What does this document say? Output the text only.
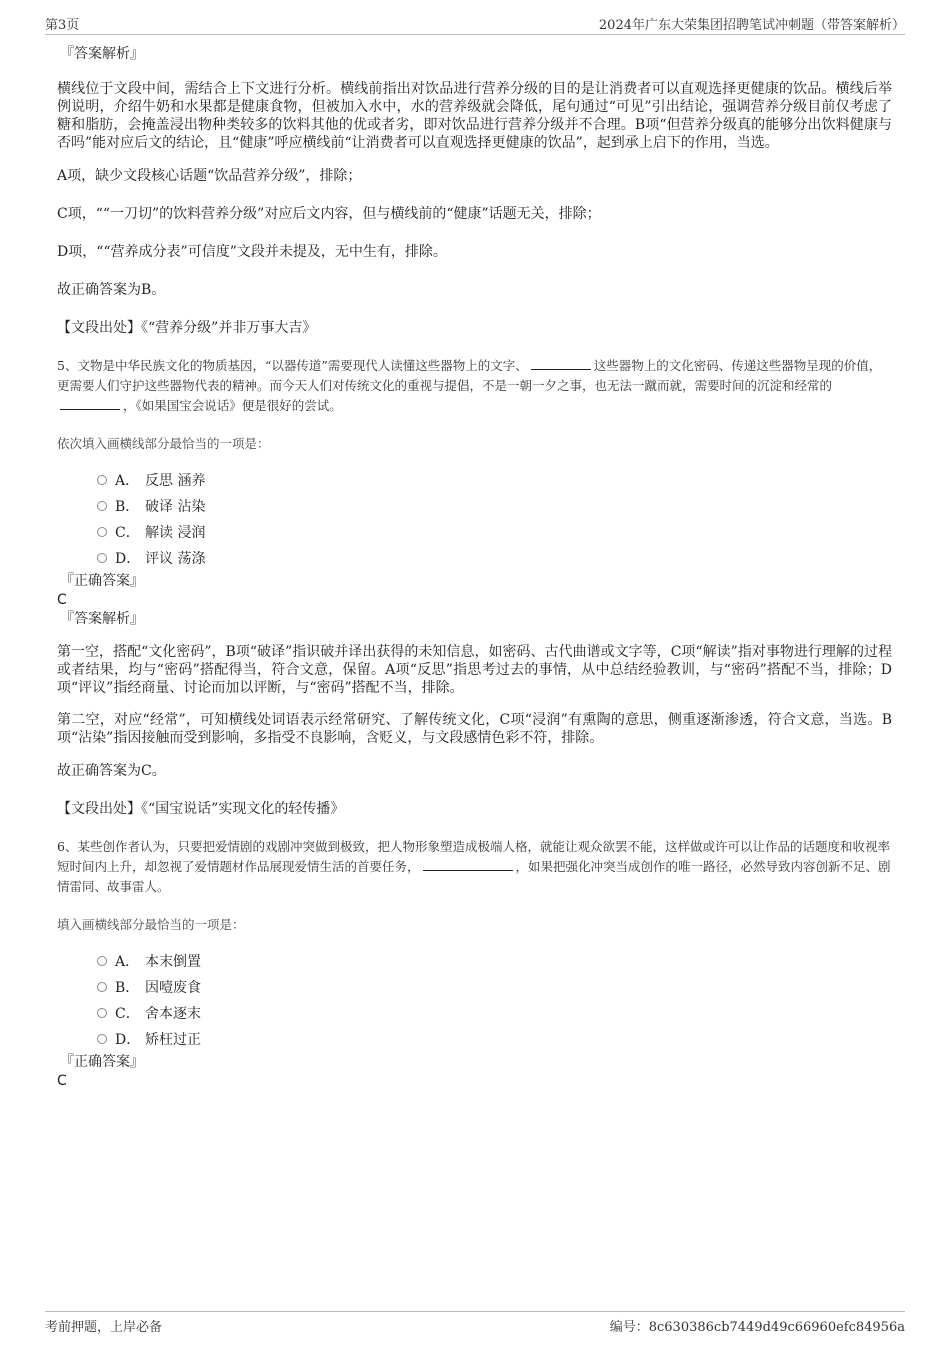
第3页	2024年广东大荣集团招聘笔试冲刺题（带答案解析）
『答案解析』
横线位于文段中间，需结合上下文进行分析。横线前指出对饮品进行营养分级的目的是让消费者可以直观选择更健康的饮品。横线后举例说明，介绍牛奶和水果都是健康食物，但被加入水中，水的营养级就会降低，尾句通过“可见”引出结论，强调营养分级目前仅考虑了糖和脂肪，会掩盖浸出物种类较多的饮料其他的优或者劣，即对饮品进行营养分级并不合理。B项“但营养分级真的能够分出饮料健康与否吗”能对应后文的结论，且“健康”呼应横线前“让消费者可以直观选择更健康的饮品”，起到承上启下的作用，当选。
A项，缺少文段核心话题“饮品营养分级”，排除；
C项，““一刀切”的饮料营养分级”对应后文内容，但与横线前的“健康”话题无关，排除；
D项，““营养成分表”可信度”文段并未提及，无中生有，排除。
故正确答案为B。
【文段出处】《“营养分级”并非万事大吉》
5、文物是中华民族文化的物质基因，“以器传道”需要现代人读懂这些器物上的文字、	这些器物上的文化密码、传递这些器物呈现的价值，更需要人们守护这些器物代表的精神。而今天人们对传统文化的重视与提倡，不是一朝一夕之事，也无法一蹴而就，需要时间的沉淀和经常的，《如果国宝会说话》便是很好的尝试。
依次填入画横线部分最恰当的一项是：
A． 反思 涵养
B． 破译 沾染
C． 解读 浸润
D． 评议 荡涤
『正确答案』
C
『答案解析』
第一空，搭配“文化密码”，B项“破译”指识破并译出获得的未知信息，如密码、古代曲谱或文字等，C项“解读”指对事物进行理解的过程或者结果，均与“密码”搭配得当，符合文意，保留。A项“反思”指思考过去的事情，从中总结经验教训，与“密码”搭配不当，排除；D项“评议”指经商量、讨论而加以评断，与“密码”搭配不当，排除。
第二空，对应“经常”，可知横线处词语表示经常研究、了解传统文化，C项“浸润”有熏陶的意思，侧重逐渐渗透，符合文意，当选。B项“沾染”指因接触而受到影响，多指受不良影响，含贬义，与文段感情色彩不符，排除。
故正确答案为C。
【文段出处】《“国宝说话”实现文化的轻传播》
6、某些创作者认为，只要把爱情剧的戏剧冲突做到极致，把人物形象塑造成极端人格，就能让观众欲罢不能，这样做或许可以让作品的话题度和收视率短时间内上升，却忽视了爱情题材作品展现爱情生活的首要任务，	，如果把强化冲突当成创作的唯一路径，必然导致内容创新不足、剧情雷同、故事雷人。
填入画横线部分最恰当的一项是：
A． 本末倒置
B． 因噎废食
C． 舍本逐末
D． 矫枉过正
『正确答案』
C
考前押题，上岸必备	编号：8c630386cb7449d49c66960efc84956a
